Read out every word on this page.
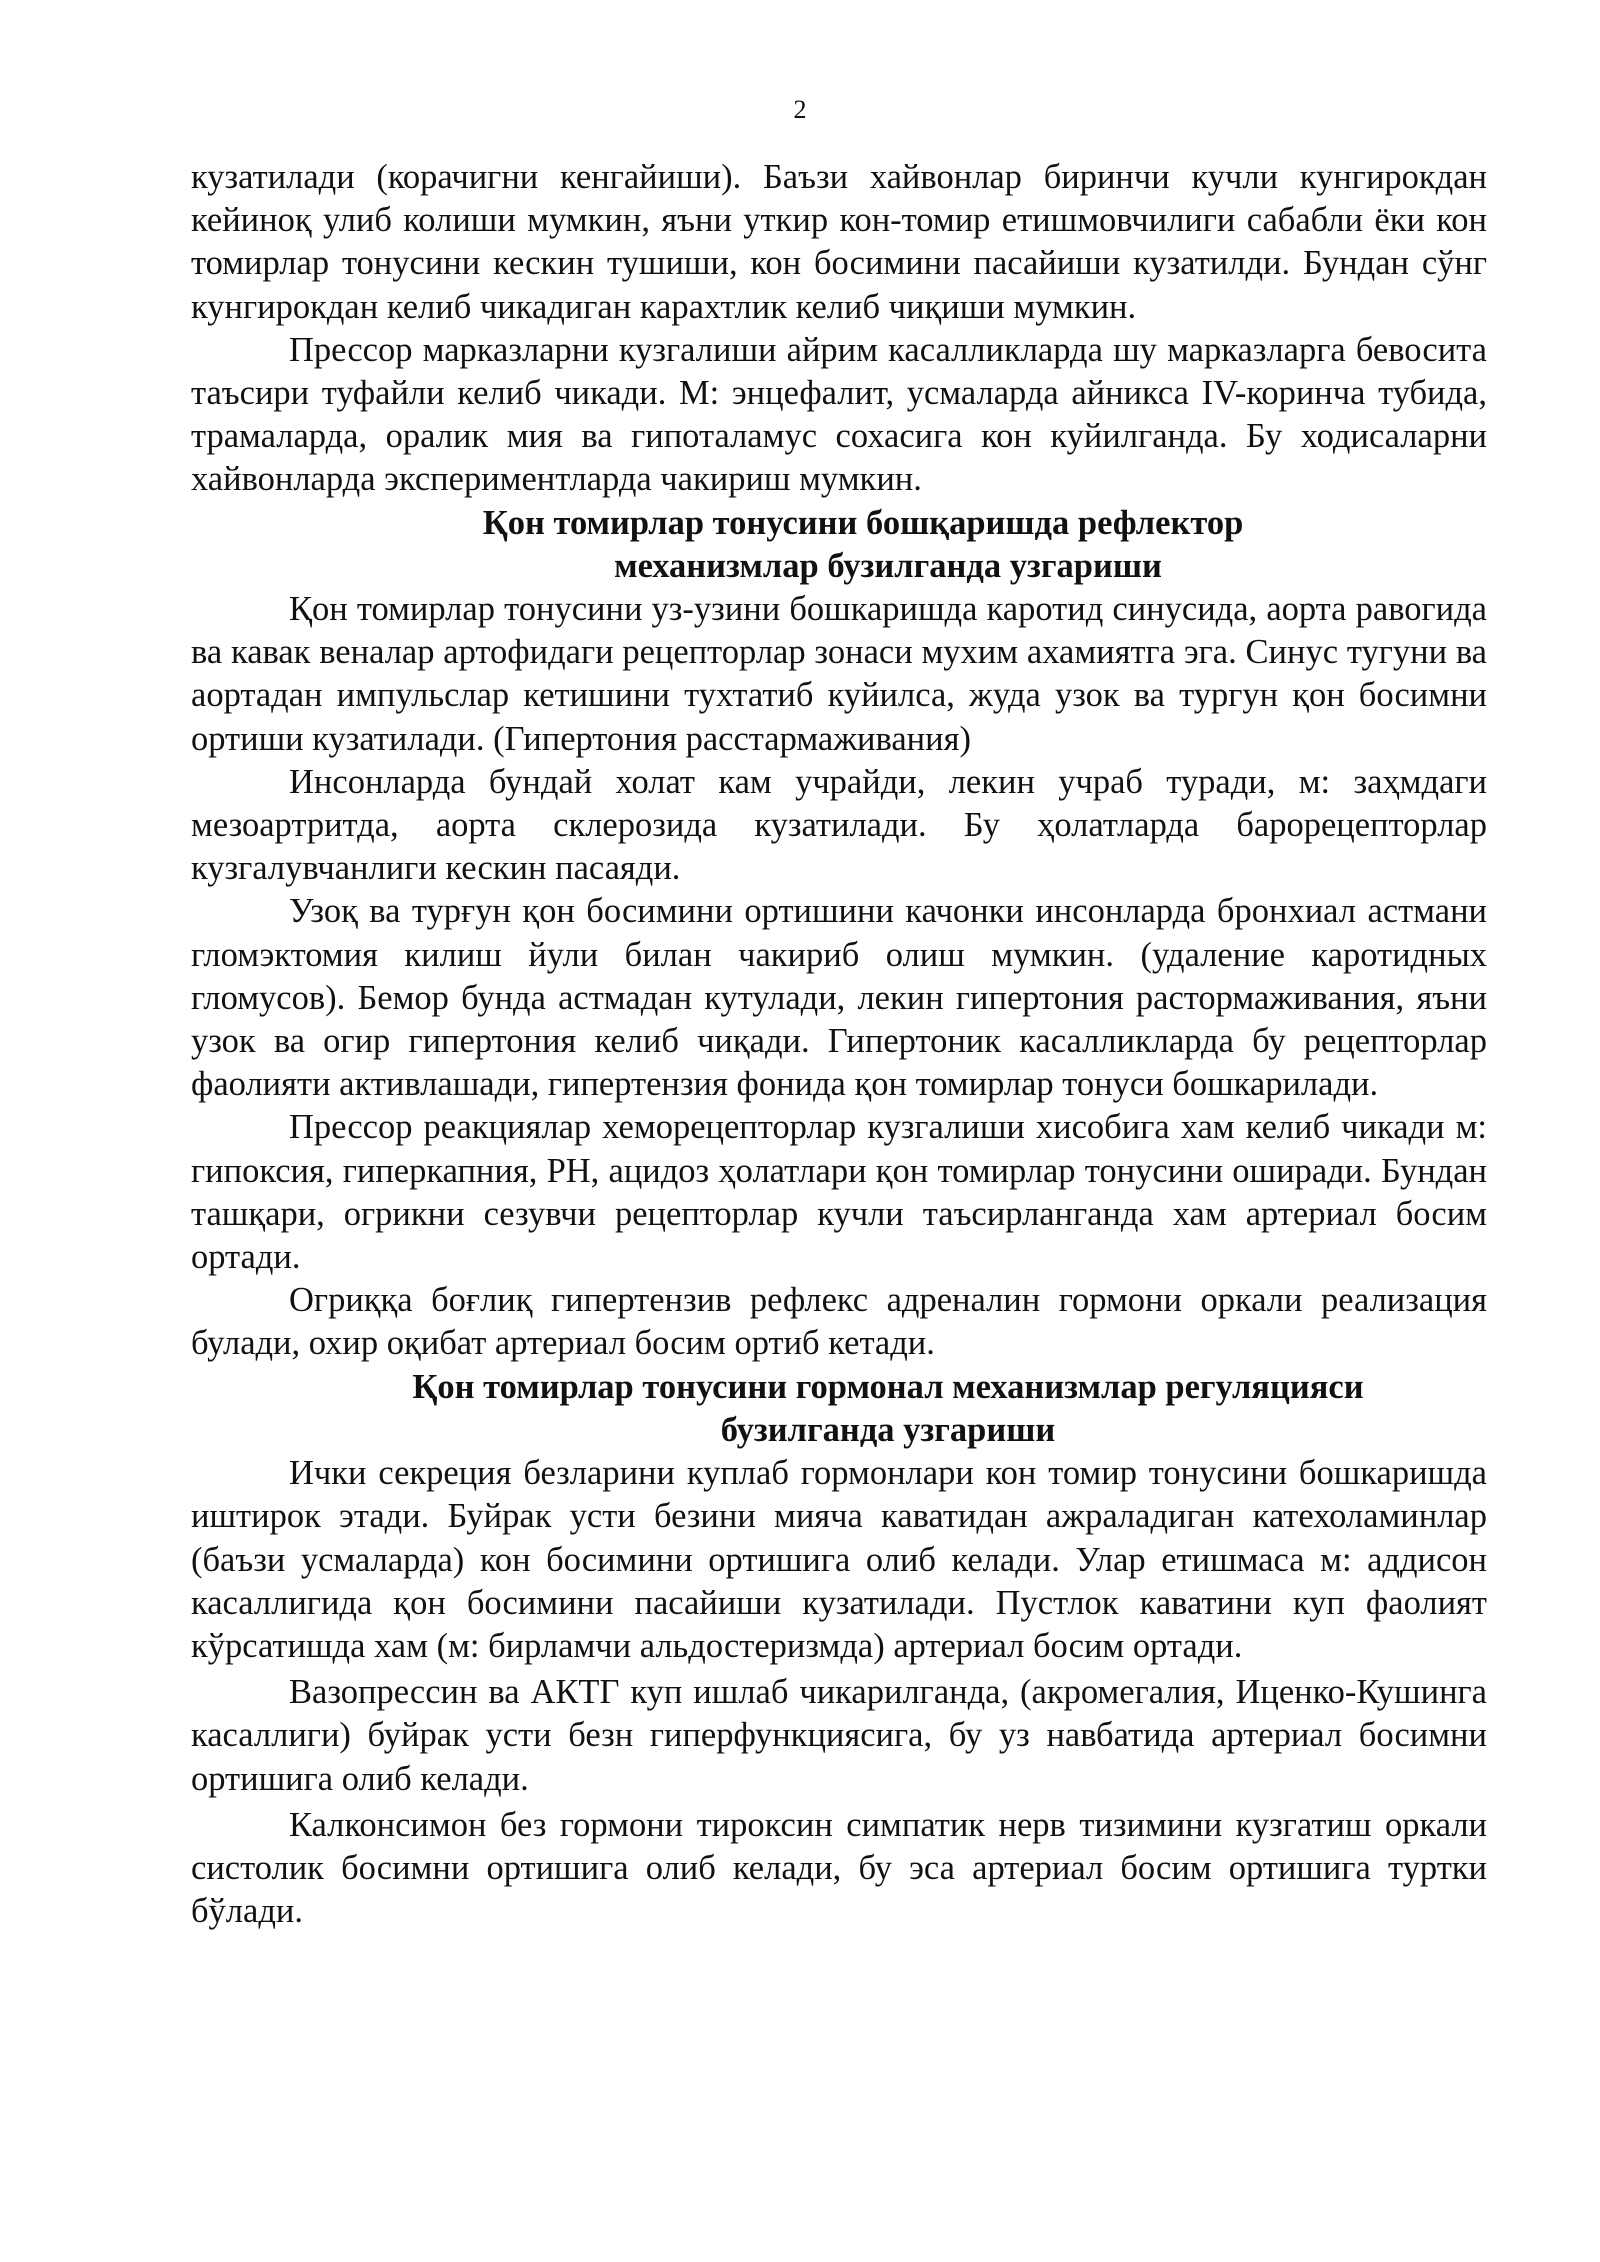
2

кузатилади (корачигни кенгайиши). Баъзи хайвонлар биринчи кучли кунгирокдан кейиноқ улиб колиши мумкин, яъни уткир кон-томир етишмовчилиги сабабли ёки кон томирлар тонусини кескин тушиши, кон босимини пасайиши кузатилди. Бундан сўнг кунгирокдан келиб чикадиган карахтлик келиб чиқиши мумкин.

Прессор марказларни кузгалиши айрим касалликларда шу марказларга бевосита таъсири туфайли келиб чикади. М: энцефалит, усмаларда айникса IV-коринча тубида, трамаларда, оралик мия ва гипоталамус сохасига кон куйилганда. Бу ходисаларни хайвонларда экспериментларда чакириш мумкин.

Қон томирлар тонусини бошқаришда рефлектор
механизмлар бузилганда узгариши

Қон томирлар тонусини уз-узини бошкаришда каротид синусида, аорта равогида ва кавак веналар артофидаги рецепторлар зонаси мухим ахамиятга эга. Синус тугуни ва аортадан импульслар кетишини тухтатиб куйилса, жуда узок ва тургун қон босимни ортиши кузатилади. (Гипертония расстармаживания)

Инсонларда бундай холат кам учрайди, лекин учраб туради, м: заҳмдаги мезоартритда, аорта склерозида кузатилади. Бу ҳолатларда барорецепторлар кузгалувчанлиги кескин пасаяди.

Узоқ ва турғун қон босимини ортишини качонки инсонларда бронхиал астмани гломэктомия килиш йули билан чакириб олиш мумкин. (удаление каротидных гломусов). Бемор бунда астмадан кутулади, лекин гипертония растормаживания, яъни узок ва огир гипертония келиб чиқади. Гипертоник касалликларда бу рецепторлар фаолияти активлашади, гипертензия фонида қон томирлар тонуси бошкарилади.

Прессор реакциялар хеморецепторлар кузгалиши хисобига хам келиб чикади м: гипоксия, гиперкапния, РН, ацидоз ҳолатлари қон томирлар тонусини оширади. Бундан ташқари, огрикни сезувчи рецепторлар кучли таъсирланганда хам артериал босим ортади.

Огриққа боғлиқ гипертензив рефлекс адреналин гормони оркали реализация булади, охир оқибат артериал босим ортиб кетади.

Қон томирлар тонусини гормонал механизмлар регуляцияси
бузилганда узгариши

Ички секреция безларини куплаб гормонлари кон томир тонусини бошкаришда иштирок этади. Буйрак усти безини мияча каватидан ажраладиган катехоламинлар (баъзи усмаларда) кон босимини ортишига олиб келади. Улар етишмаса м: аддисон касаллигида қон босимини пасайиши кузатилади. Пустлок каватини куп фаолият кўрсатишда хам (м: бирламчи альдостеризмда) артериал босим ортади.

Вазопрессин ва АКТГ куп ишлаб чикарилганда, (акромегалия, Иценко-Кушинга касаллиги) буйрак усти безн гиперфункциясига, бу уз навбатида артериал босимни ортишига олиб келади.

Калконсимон без гормони тироксин симпатик нерв тизимини кузгатиш оркали систолик босимни ортишига олиб келади, бу эса артериал босим ортишига туртки бўлади.
